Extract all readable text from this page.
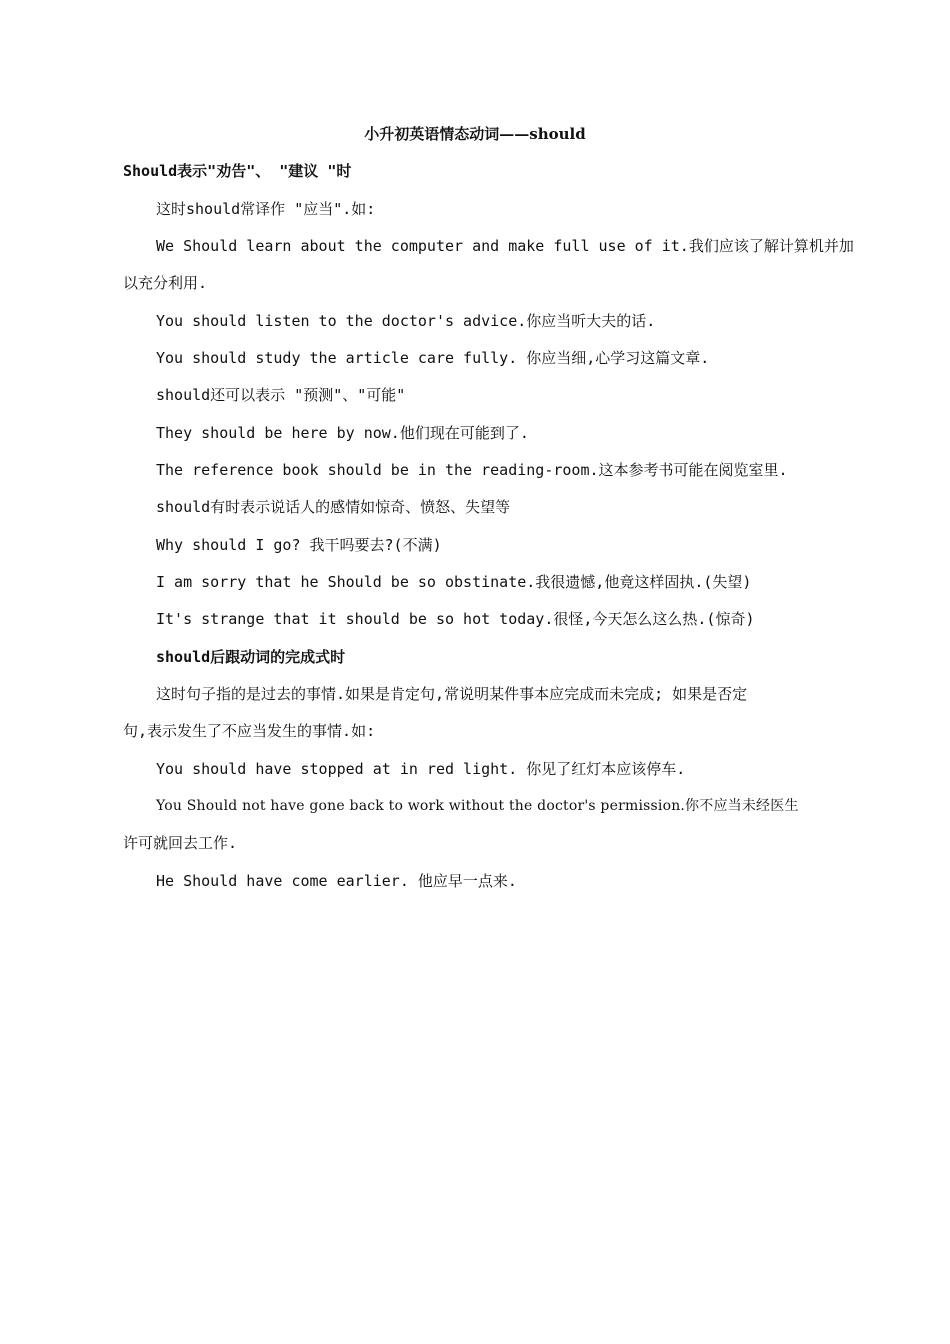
小升初英语情态动词——should
Should表示"劝告"、 "建议 "时
这时should常译作 "应当".如:
We Should learn about the computer and make full use of it.我们应该了解计算机并加
以充分利用.
You should listen to the doctor's advice.你应当听大夫的话.
You should study the article care fully. 你应当细,心学习这篇文章.
should还可以表示 "预测"、"可能"
They should be here by now.他们现在可能到了.
The reference book should be in the reading-room.这本参考书可能在阅览室里.
should有时表示说话人的感情如惊奇、愤怒、失望等
Why should I go? 我干吗要去?(不满)
I am sorry that he Should be so obstinate.我很遗憾,他竟这样固执.(失望)
It's strange that it should be so hot today.很怪,今天怎么这么热.(惊奇)
should后跟动词的完成式时
这时句子指的是过去的事情.如果是肯定句,常说明某件事本应完成而未完成; 如果是否定
句,表示发生了不应当发生的事情.如:
You should have stopped at in red light. 你见了红灯本应该停车.
You Should not have gone back to work without the doctor's permission.你不应当未经医生
许可就回去工作.
He Should have come earlier. 他应早一点来.
